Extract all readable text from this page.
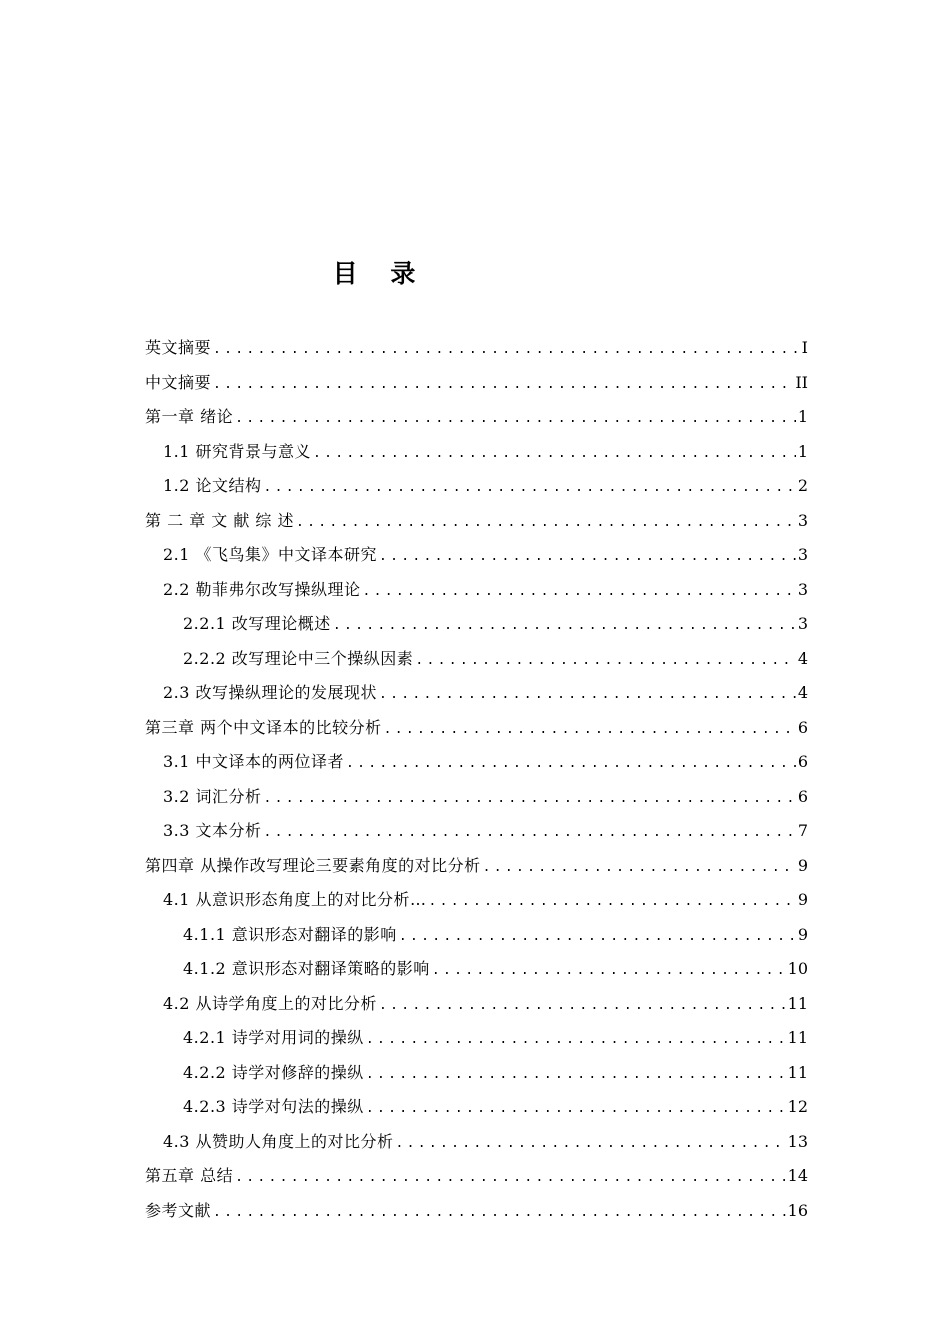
目 录
英文摘要 .....	I
中文摘要 .....	II
第一章 绪论 .....	1
1.1 研究背景与意义 .....	1
1.2 论文结构 .....	2
第 二 章 文 献 综 述 .....	3
2.1 《飞鸟集》中文译本研究 .....	3
2.2 勒菲弗尔改写操纵理论 .....	3
2.2.1 改写理论概述 .....	3
2.2.2 改写理论中三个操纵因素 .....	4
2.3 改写操纵理论的发展现状 .....	4
第三章 两个中文译本的比较分析 .....	6
3.1 中文译本的两位译者 .....	6
3.2 词汇分析 .....	6
3.3 文本分析 .....	7
第四章 从操作改写理论三要素角度的对比分析 .....	9
4.1 从意识形态角度上的对比分析… .....	9
4.1.1 意识形态对翻译的影响 .....	9
4.1.2 意识形态对翻译策略的影响 .....	10
4.2 从诗学角度上的对比分析 .....	11
4.2.1 诗学对用词的操纵 .....	11
4.2.2 诗学对修辞的操纵 .....	11
4.2.3 诗学对句法的操纵 .....	12
4.3 从赞助人角度上的对比分析 .....	13
第五章 总结 .....	14
参考文献 .....	16
